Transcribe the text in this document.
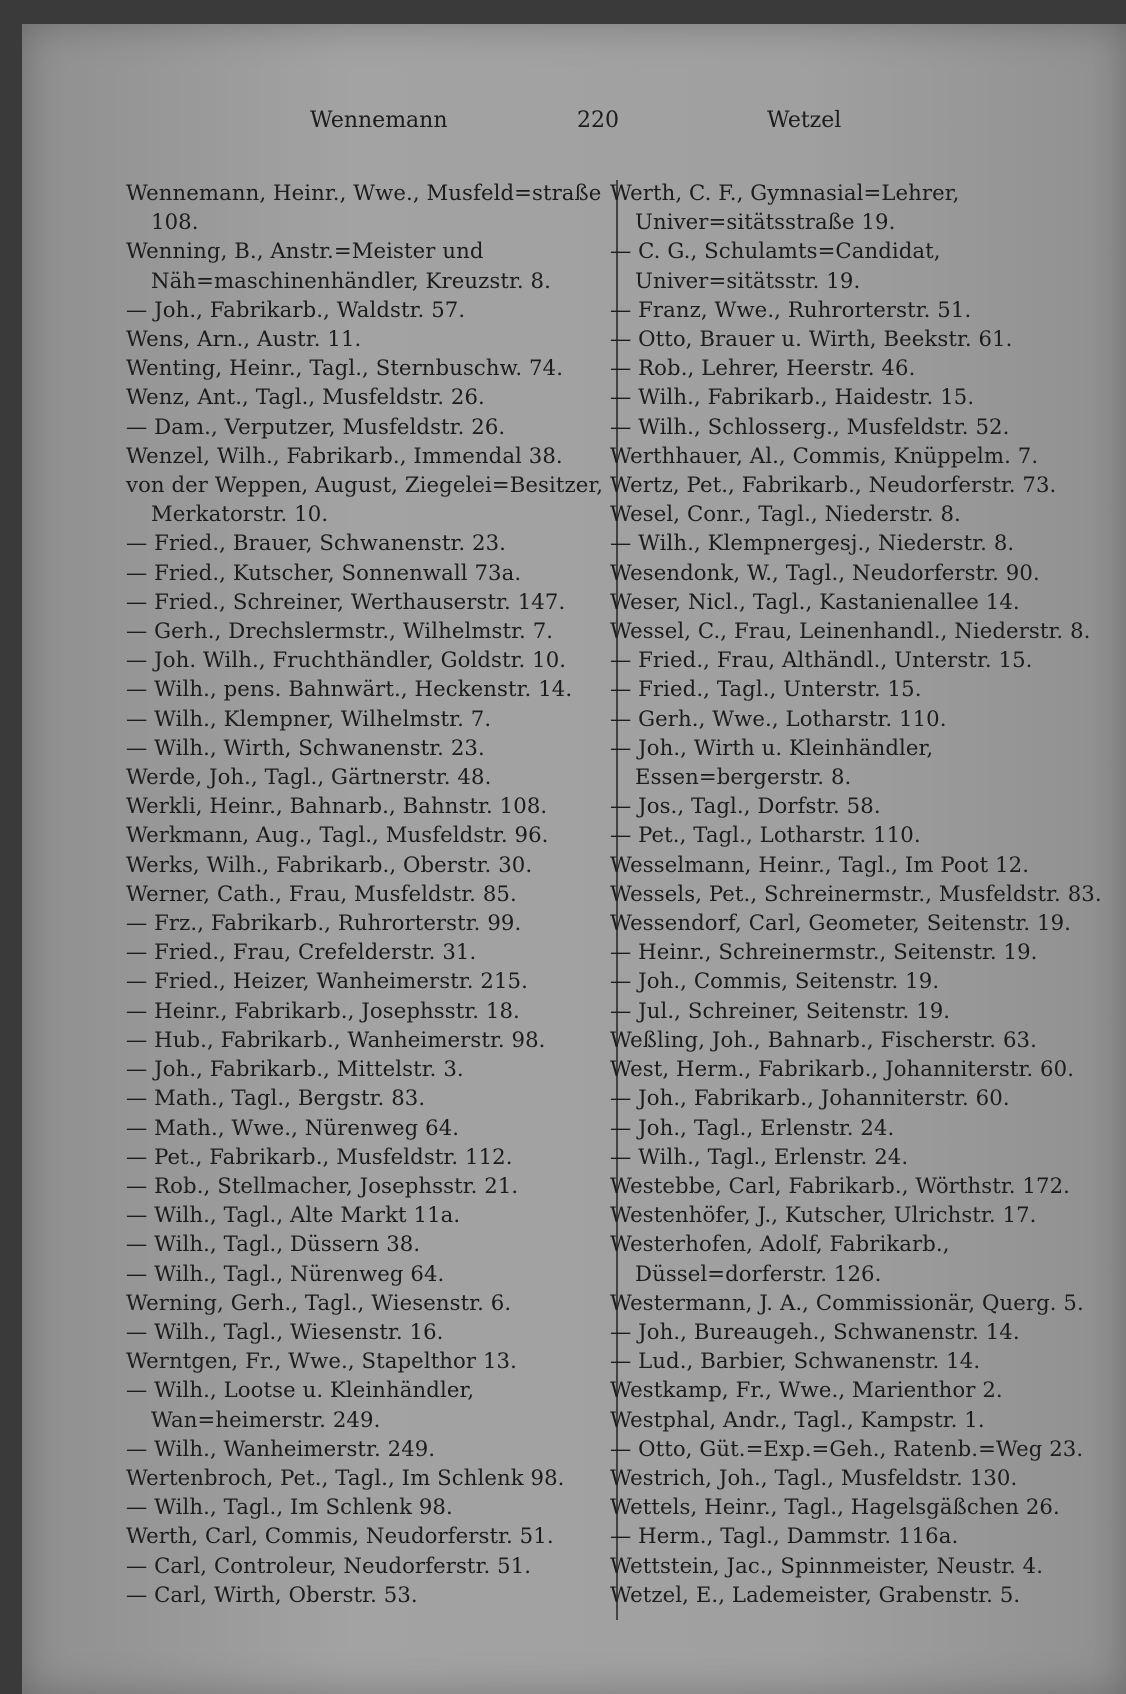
Wennemann	220	Wetzel
Wennemann, Heinr., Wwe., Musfeld=straße 108.
Wenning, B., Anstr.=Meister und Näh=maschinenhändler, Kreuzstr. 8.
— Joh., Fabrikarb., Waldstr. 57.
Wens, Arn., Austr. 11.
Wenting, Heinr., Tagl., Sternbuschw. 74.
Wenz, Ant., Tagl., Musfeldstr. 26.
— Dam., Verputzer, Musfeldstr. 26.
Wenzel, Wilh., Fabrikarb., Immendal 38.
von der Weppen, August, Ziegelei=Besitzer, Merkatorstr. 10.
— Fried., Brauer, Schwanenstr. 23.
— Fried., Kutscher, Sonnenwall 73a.
— Fried., Schreiner, Werthauserstr. 147.
— Gerh., Drechslermstr., Wilhelmstr. 7.
— Joh. Wilh., Fruchthändler, Goldstr. 10.
— Wilh., pens. Bahnwärt., Heckenstr. 14.
— Wilh., Klempner, Wilhelmstr. 7.
— Wilh., Wirth, Schwanenstr. 23.
Werde, Joh., Tagl., Gärtnerstr. 48.
Werkli, Heinr., Bahnarb., Bahnstr. 108.
Werkmann, Aug., Tagl., Musfeldstr. 96.
Werks, Wilh., Fabrikarb., Oberstr. 30.
Werner, Cath., Frau, Musfeldstr. 85.
— Frz., Fabrikarb., Ruhrorterstr. 99.
— Fried., Frau, Crefelderstr. 31.
— Fried., Heizer, Wanheimerstr. 215.
— Heinr., Fabrikarb., Josephsstr. 18.
— Hub., Fabrikarb., Wanheimerstr. 98.
— Joh., Fabrikarb., Mittelstr. 3.
— Math., Tagl., Bergstr. 83.
— Math., Wwe., Nürenweg 64.
— Pet., Fabrikarb., Musfeldstr. 112.
— Rob., Stellmacher, Josephsstr. 21.
— Wilh., Tagl., Alte Markt 11a.
— Wilh., Tagl., Düssern 38.
— Wilh., Tagl., Nürenweg 64.
Werning, Gerh., Tagl., Wiesenstr. 6.
— Wilh., Tagl., Wiesenstr. 16.
Werntgen, Fr., Wwe., Stapelthor 13.
— Wilh., Lootse u. Kleinhändler, Wan=heimerstr. 249.
— Wilh., Wanheimerstr. 249.
Wertenbroch, Pet., Tagl., Im Schlenk 98.
— Wilh., Tagl., Im Schlenk 98.
Werth, Carl, Commis, Neudorferstr. 51.
— Carl, Controleur, Neudorferstr. 51.
— Carl, Wirth, Oberstr. 53.
Werth, C. F., Gymnasial=Lehrer, Univer=sitätsstraße 19.
— C. G., Schulamts=Candidat, Univer=sitätsstr. 19.
— Franz, Wwe., Ruhrorterstr. 51.
— Otto, Brauer u. Wirth, Beekstr. 61.
— Rob., Lehrer, Heerstr. 46.
— Wilh., Fabrikarb., Haidestr. 15.
— Wilh., Schlosserg., Musfeldstr. 52.
Werthhauer, Al., Commis, Knüppelm. 7.
Wertz, Pet., Fabrikarb., Neudorferstr. 73.
Wesel, Conr., Tagl., Niederstr. 8.
— Wilh., Klempnergesj., Niederstr. 8.
Wesendonk, W., Tagl., Neudorferstr. 90.
Weser, Nicl., Tagl., Kastanienallee 14.
Wessel, C., Frau, Leinenhandl., Niederstr. 8.
— Fried., Frau, Althändl., Unterstr. 15.
— Fried., Tagl., Unterstr. 15.
— Gerh., Wwe., Lotharstr. 110.
— Joh., Wirth u. Kleinhändler, Essen=bergerstr. 8.
— Jos., Tagl., Dorfstr. 58.
— Pet., Tagl., Lotharstr. 110.
Wesselmann, Heinr., Tagl., Im Poot 12.
Wessels, Pet., Schreinermstr., Musfeldstr. 83.
Wessendorf, Carl, Geometer, Seitenstr. 19.
— Heinr., Schreinermstr., Seitenstr. 19.
— Joh., Commis, Seitenstr. 19.
— Jul., Schreiner, Seitenstr. 19.
Weßling, Joh., Bahnarb., Fischerstr. 63.
West, Herm., Fabrikarb., Johanniterstr. 60.
— Joh., Fabrikarb., Johanniterstr. 60.
— Joh., Tagl., Erlenstr. 24.
— Wilh., Tagl., Erlenstr. 24.
Westebbe, Carl, Fabrikarb., Wörthstr. 172.
Westenhöfer, J., Kutscher, Ulrichstr. 17.
Westerhofen, Adolf, Fabrikarb., Düssel=dorferstr. 126.
Westermann, J. A., Commissionär, Querg. 5.
— Joh., Bureaugeh., Schwanenstr. 14.
— Lud., Barbier, Schwanenstr. 14.
Westkamp, Fr., Wwe., Marienthor 2.
Westphal, Andr., Tagl., Kampstr. 1.
— Otto, Güt.=Exp.=Geh., Ratenb.=Weg 23.
Westrich, Joh., Tagl., Musfeldstr. 130.
Wettels, Heinr., Tagl., Hagelsgäßchen 26.
— Herm., Tagl., Dammstr. 116a.
Wettstein, Jac., Spinnmeister, Neustr. 4.
Wetzel, E., Lademeister, Grabenstr. 5.
